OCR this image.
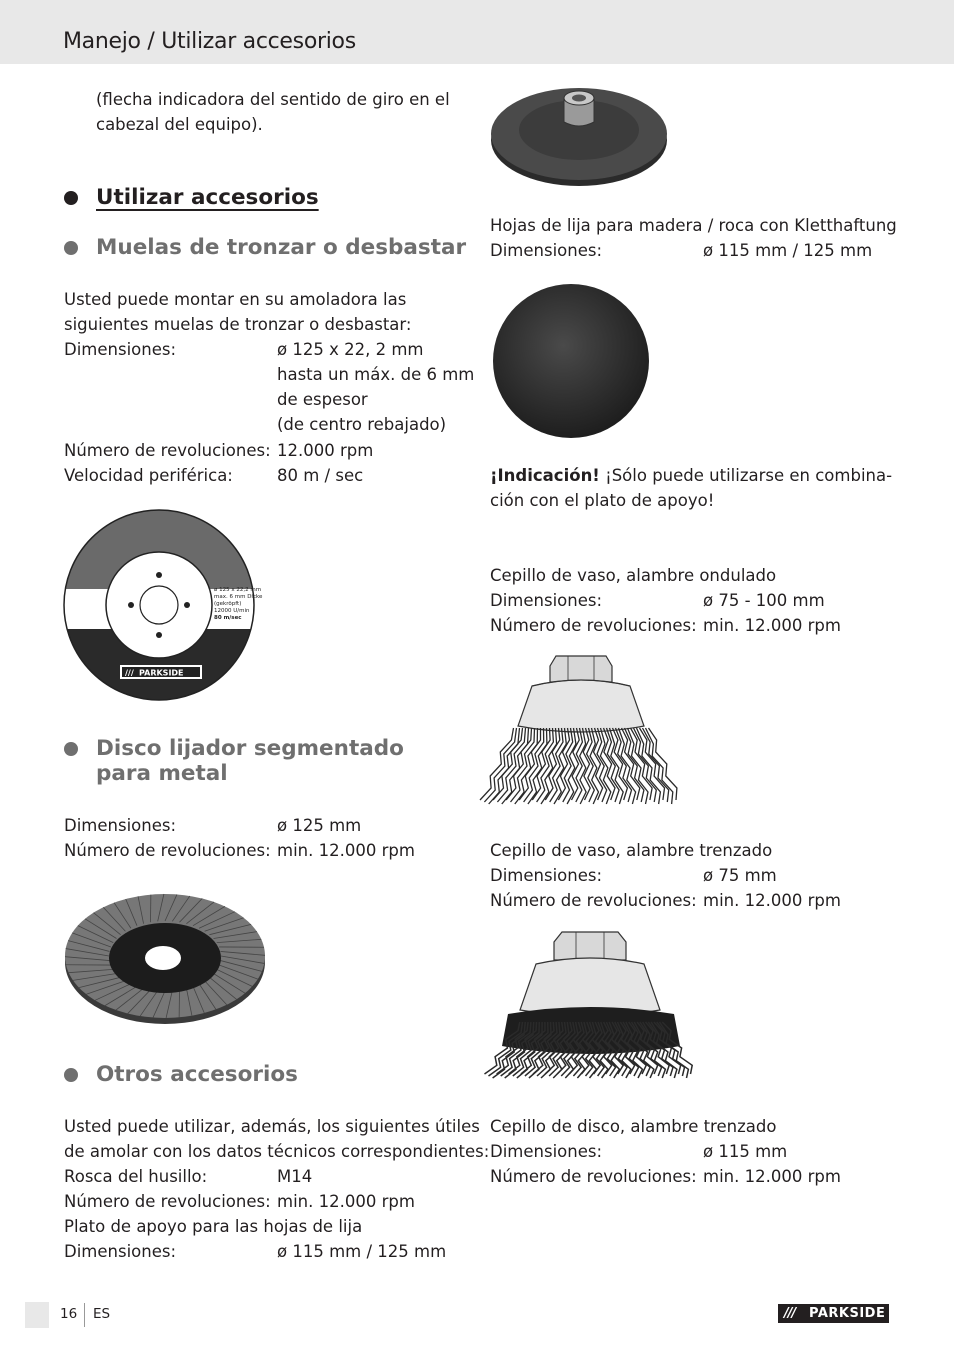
Manejo / Utilizar accesorios
(flecha indicadora del sentido de giro en el
cabezal del equipo).
Utilizar accesorios
Muelas de tronzar o desbastar
Usted puede montar en su amoladora las
siguientes muelas de tronzar o desbastar:
Dimensiones:	ø 125 x 22, 2 mm
hasta un máx. de 6 mm
de espesor
(de centro rebajado)
Número de revoluciones: 12.000 rpm
Velocidad periférica:	80 m / sec
ø 125 x 22,2 mm
max. 6 mm Dicke
(gekröpft)
12000 U/min
80 m/sec
/// PARKSIDE
Disco lijador segmentado
para metal
Dimensiones:	ø 125 mm
Número de revoluciones: min. 12.000 rpm
Otros accesorios
Usted puede utilizar, además, los siguientes útiles
de amolar con los datos técnicos correspondientes:
Rosca del husillo:	M14
Número de revoluciones: min. 12.000 rpm
Plato de apoyo para las hojas de lija
Dimensiones:	ø 115 mm / 125 mm
Hojas de lija para madera / roca con Kletthaftung
Dimensiones:	ø 115 mm / 125 mm
¡Indicación! ¡Sólo puede utilizarse en combina-
ción con el plato de apoyo!
Cepillo de vaso, alambre ondulado
Dimensiones:	ø 75 - 100 mm
Número de revoluciones: min. 12.000 rpm
Cepillo de vaso, alambre trenzado
Dimensiones:	ø 75 mm
Número de revoluciones: min. 12.000 rpm
Cepillo de disco, alambre trenzado
Dimensiones:	ø 115 mm
Número de revoluciones: min. 12.000 rpm
16 ES	/// PARKSIDE
